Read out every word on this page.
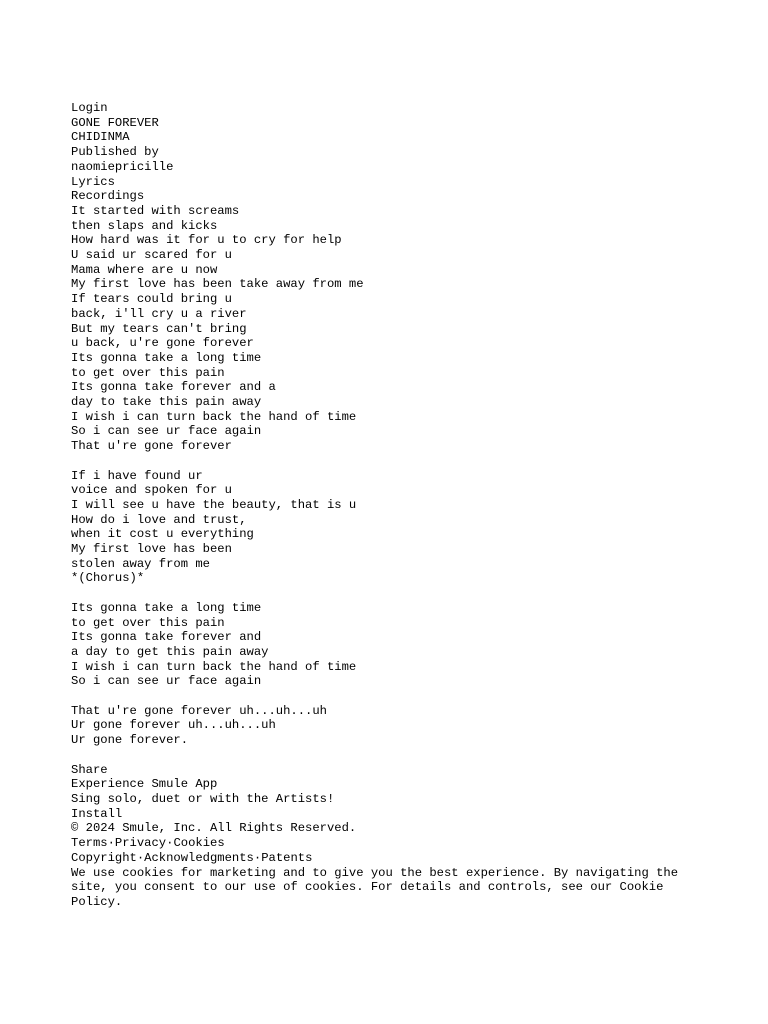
Login
GONE FOREVER
CHIDINMA
Published by
naomiepricille
Lyrics
Recordings
It started with screams
then slaps and kicks
How hard was it for u to cry for help
U said ur scared for u
Mama where are u now
My first love has been take away from me
If tears could bring u
back, i'll cry u a river
But my tears can't bring
u back, u're gone forever
Its gonna take a long time
to get over this pain
Its gonna take forever and a
day to take this pain away
I wish i can turn back the hand of time
So i can see ur face again
That u're gone forever
If i have found ur
voice and spoken for u
I will see u have the beauty, that is u
How do i love and trust,
when it cost u everything
My first love has been
stolen away from me
*(Chorus)*
Its gonna take a long time
to get over this pain
Its gonna take forever and
a day to get this pain away
I wish i can turn back the hand of time
So i can see ur face again
That u're gone forever uh...uh...uh
Ur gone forever uh...uh...uh
Ur gone forever.
Share
Experience Smule App
Sing solo, duet or with the Artists!
Install
© 2024 Smule, Inc. All Rights Reserved.
Terms·Privacy·Cookies
Copyright·Acknowledgments·Patents
We use cookies for marketing and to give you the best experience. By navigating the site, you consent to our use of cookies. For details and controls, see our Cookie Policy.
